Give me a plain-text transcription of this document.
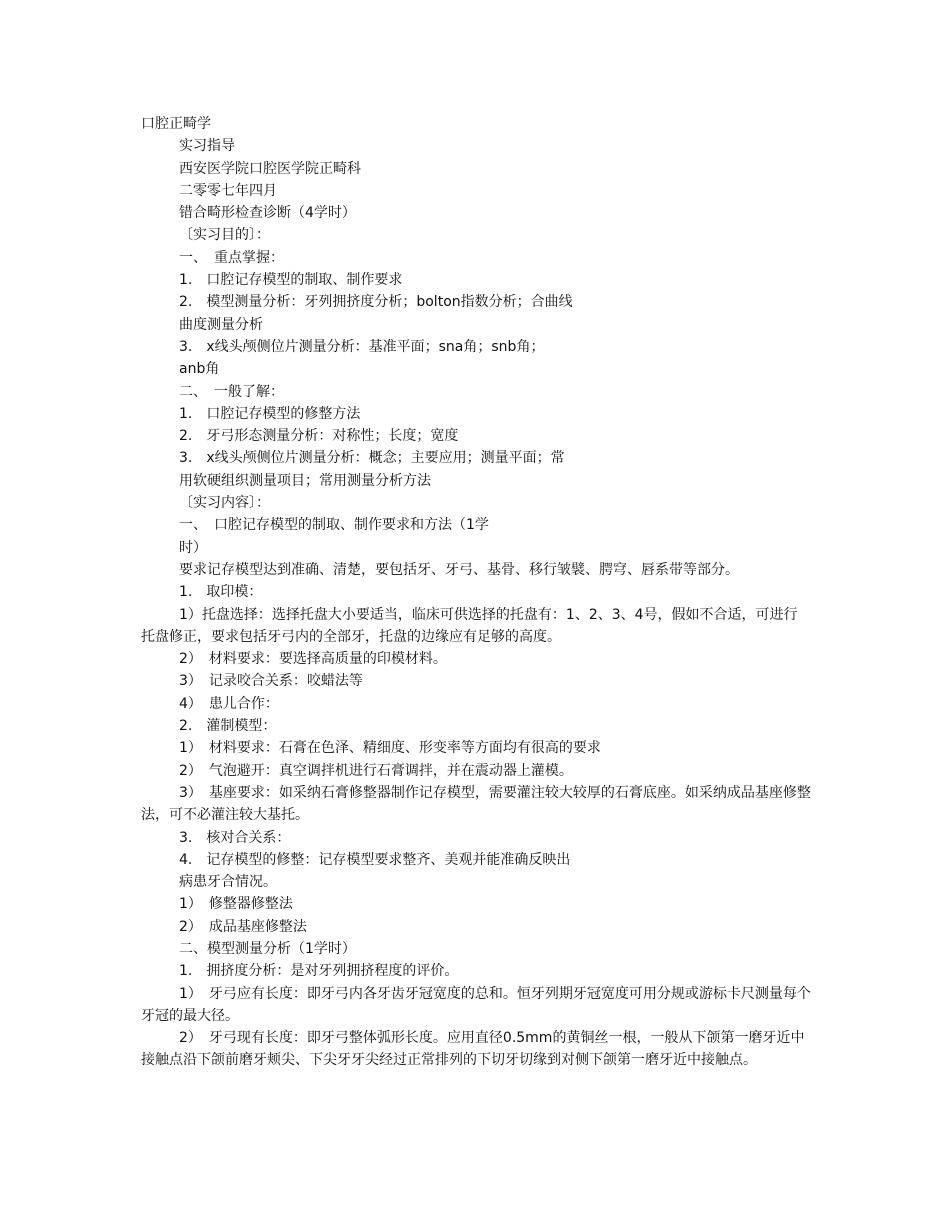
口腔正畸学

实习指导

西安医学院口腔医学院正畸科

二零零七年四月

错合畸形检查诊断（4学时）

〔实习目的〕：

一、　重点掌握：

1.　口腔记存模型的制取、制作要求

2.　模型测量分析：牙列拥挤度分析；bolton指数分析；合曲线

曲度测量分析

3.　x线头颅侧位片测量分析：基准平面；sna角；snb角；

anb角

二、　一般了解：

1.　口腔记存模型的修整方法

2.　牙弓形态测量分析：对称性；长度；宽度

3.　x线头颅侧位片测量分析：概念；主要应用；测量平面；常

用软硬组织测量项目；常用测量分析方法

〔实习内容〕：

一、　口腔记存模型的制取、制作要求和方法（1学

时）

要求记存模型达到准确、清楚，要包括牙、牙弓、基骨、移行皱襞、腭穹、唇系带等部分。

1.　取印模：

1）托盘选择：选择托盘大小要适当，临床可供选择的托盘有：1、2、3、4号，假如不合适，可进行托盘修正，要求包括牙弓内的全部牙，托盘的边缘应有足够的高度。

2）　材料要求：要选择高质量的印模材料。

3）　记录咬合关系：咬蜡法等

4）　患儿合作：

2.　灌制模型：

1）　材料要求：石膏在色泽、精细度、形变率等方面均有很高的要求

2）　气泡避开：真空调拌机进行石膏调拌，并在震动器上灌模。

3）　基座要求：如采纳石膏修整器制作记存模型，需要灌注较大较厚的石膏底座。如采纳成品基座修整法，可不必灌注较大基托。

3.　核对合关系：

4.　记存模型的修整：记存模型要求整齐、美观并能准确反映出

病患牙合情况。

1）　修整器修整法

2）　成品基座修整法

二、模型测量分析（1学时）

1.　拥挤度分析：是对牙列拥挤程度的评价。

1）　牙弓应有长度：即牙弓内各牙齿牙冠宽度的总和。恒牙列期牙冠宽度可用分规或游标卡尺测量每个牙冠的最大径。

2）　牙弓现有长度：即牙弓整体弧形长度。应用直径0.5mm的黄铜丝一根，一般从下颌第一磨牙近中接触点沿下颌前磨牙颊尖、下尖牙牙尖经过正常排列的下切牙切缘到对侧下颌第一磨牙近中接触点。
